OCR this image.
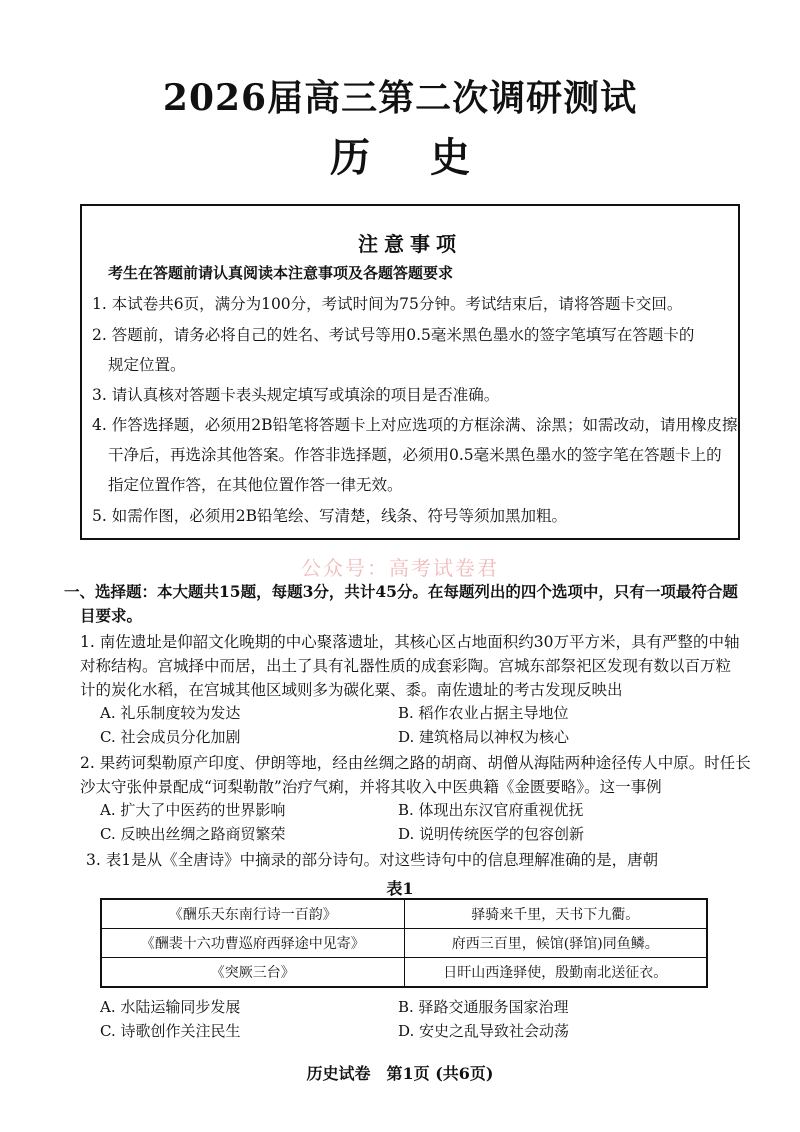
2026届高三第二次调研测试
历史
注意事项
考生在答题前请认真阅读本注意事项及各题答题要求
1. 本试卷共6页，满分为100分，考试时间为75分钟。考试结束后，请将答题卡交回。
2. 答题前，请务必将自己的姓名、考试号等用0.5毫米黑色墨水的签字笔填写在答题卡的
规定位置。
3. 请认真核对答题卡表头规定填写或填涂的项目是否准确。
4. 作答选择题，必须用2B铅笔将答题卡上对应选项的方框涂满、涂黑；如需改动，请用橡皮擦
干净后，再选涂其他答案。作答非选择题，必须用0.5毫米黑色墨水的签字笔在答题卡上的
指定位置作答，在其他位置作答一律无效。
5. 如需作图，必须用2B铅笔绘、写清楚，线条、符号等须加黑加粗。
公众号：高考试卷君
一、选择题：本大题共15题，每题3分，共计45分。在每题列出的四个选项中，只有一项最符合题
目要求。
1. 南佐遗址是仰韶文化晚期的中心聚落遗址，其核心区占地面积约30万平方米，具有严整的中轴
对称结构。宫城择中而居，出土了具有礼器性质的成套彩陶。宫城东部祭祀区发现有数以百万粒
计的炭化水稻，在宫城其他区域则多为碳化粟、黍。南佐遗址的考古发现反映出
A. 礼乐制度较为发达	B. 稻作农业占据主导地位
C. 社会成员分化加剧	D. 建筑格局以神权为核心
2. 果药诃梨勒原产印度、伊朗等地，经由丝绸之路的胡商、胡僧从海陆两种途径传人中原。时任长
沙太守张仲景配成“诃梨勒散”治疗气痢，并将其收入中医典籍《金匮要略》。这一事例
A. 扩大了中医药的世界影响	B. 体现出东汉官府重视优抚
C. 反映出丝绸之路商贸繁荣	D. 说明传统医学的包容创新
3. 表1是从《全唐诗》中摘录的部分诗句。对这些诗句中的信息理解准确的是，唐朝
表1
《酬乐天东南行诗一百韵》	驿骑来千里，天书下九衢。
《酬裴十六功曹巡府西驿途中见寄》	府西三百里，候馆(驿馆)同鱼鳞。
《突厥三台》	日旰山西逢驿使，殷勤南北送征衣。
A. 水陆运输同步发展	B. 驿路交通服务国家治理
C. 诗歌创作关注民生	D. 安史之乱导致社会动荡
历史试卷　第1页 (共6页)
